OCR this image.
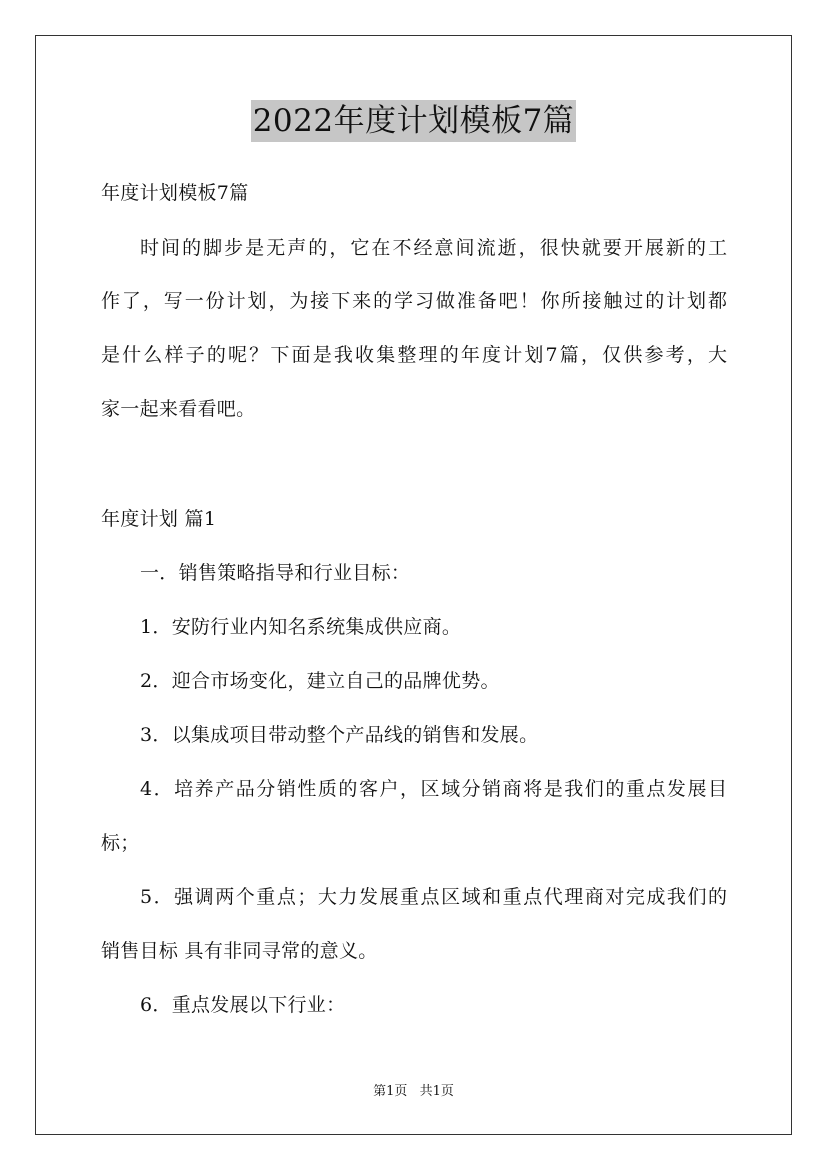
2022年度计划模板7篇
年度计划模板7篇
时间的脚步是无声的，它在不经意间流逝，很快就要开展新的工
作了，写一份计划，为接下来的学习做准备吧！你所接触过的计划都
是什么样子的呢？下面是我收集整理的年度计划7篇，仅供参考，大
家一起来看看吧。
年度计划 篇1
一．销售策略指导和行业目标：
1．安防行业内知名系统集成供应商。
2．迎合市场变化，建立自己的品牌优势。
3．以集成项目带动整个产品线的销售和发展。
4．培养产品分销性质的客户，区域分销商将是我们的重点发展目
标；
5．强调两个重点；大力发展重点区域和重点代理商对完成我们的
销售目标 具有非同寻常的意义。
6．重点发展以下行业：
第1页 共1页
